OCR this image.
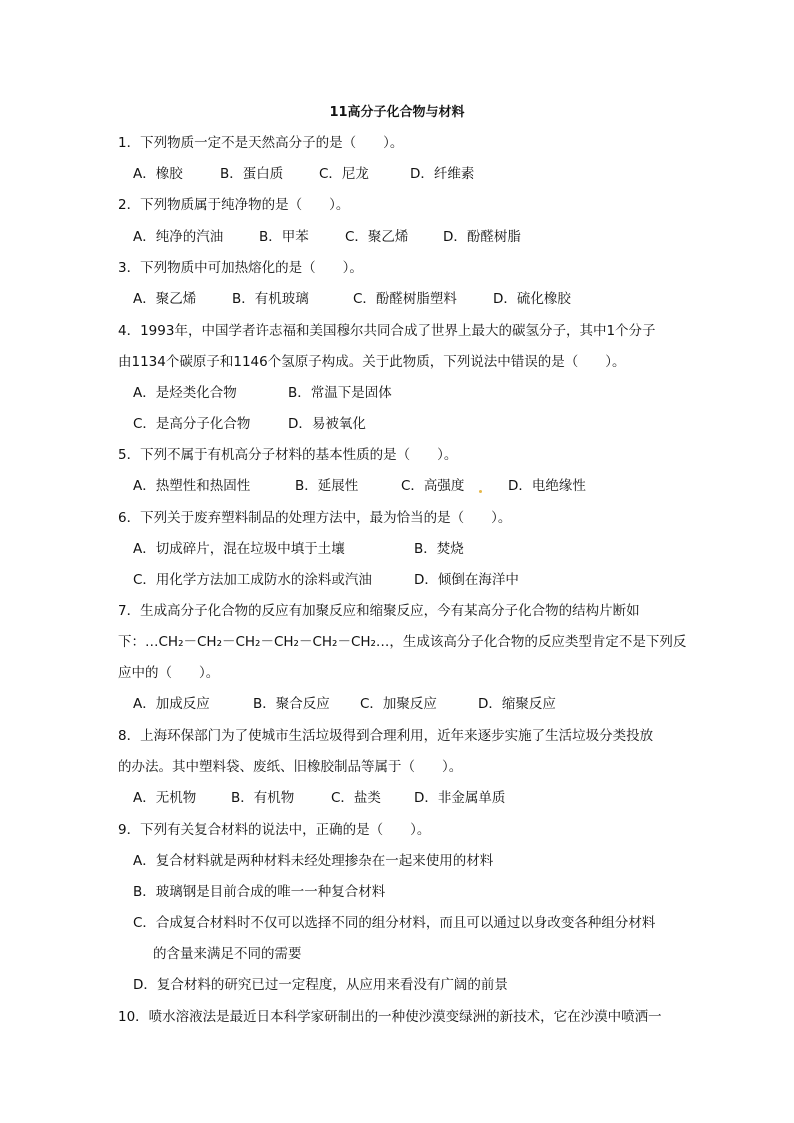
11高分子化合物与材料
1．下列物质一定不是天然高分子的是（　　）。
A．橡胶	B．蛋白质	C．尼龙	D．纤维素
2．下列物质属于纯净物的是（　　）。
A．纯净的汽油	B．甲苯	C．聚乙烯	D．酚醛树脂
3．下列物质中可加热熔化的是（　　）。
A．聚乙烯	B．有机玻璃	C．酚醛树脂塑料	D．硫化橡胶
4．1993年，中国学者许志福和美国穆尔共同合成了世界上最大的碳氢分子，其中1个分子
由1134个碳原子和1146个氢原子构成。关于此物质，下列说法中错误的是（　　）。
A．是烃类化合物	B．常温下是固体
C．是高分子化合物	D．易被氧化
5．下列不属于有机高分子材料的基本性质的是（　　）。
A．热塑性和热固性	B．延展性	C．高强度	D．电绝缘性
6．下列关于废弃塑料制品的处理方法中，最为恰当的是（　　）。
A．切成碎片，混在垃圾中填于土壤	B．焚烧
C．用化学方法加工成防水的涂料或汽油	D．倾倒在海洋中
7．生成高分子化合物的反应有加聚反应和缩聚反应，今有某高分子化合物的结构片断如
下：…CH₂－CH₂－CH₂－CH₂－CH₂－CH₂…，生成该高分子化合物的反应类型肯定不是下列反
应中的（　　）。
A．加成反应	B．聚合反应 C．加聚反应	D．缩聚反应
8．上海环保部门为了使城市生活垃圾得到合理利用，近年来逐步实施了生活垃圾分类投放
的办法。其中塑料袋、废纸、旧橡胶制品等属于（　　）。
A．无机物	B．有机物	C．盐类 D．非金属单质
9．下列有关复合材料的说法中，正确的是（　　）。
A．复合材料就是两种材料未经处理掺杂在一起来使用的材料
B．玻璃钢是目前合成的唯一一种复合材料
C．合成复合材料时不仅可以选择不同的组分材料，而且可以通过以身改变各种组分材料
的含量来满足不同的需要
D．复合材料的研究已过一定程度，从应用来看没有广阔的前景
10．喷水溶液法是最近日本科学家研制出的一种使沙漠变绿洲的新技术，它在沙漠中喷洒一
